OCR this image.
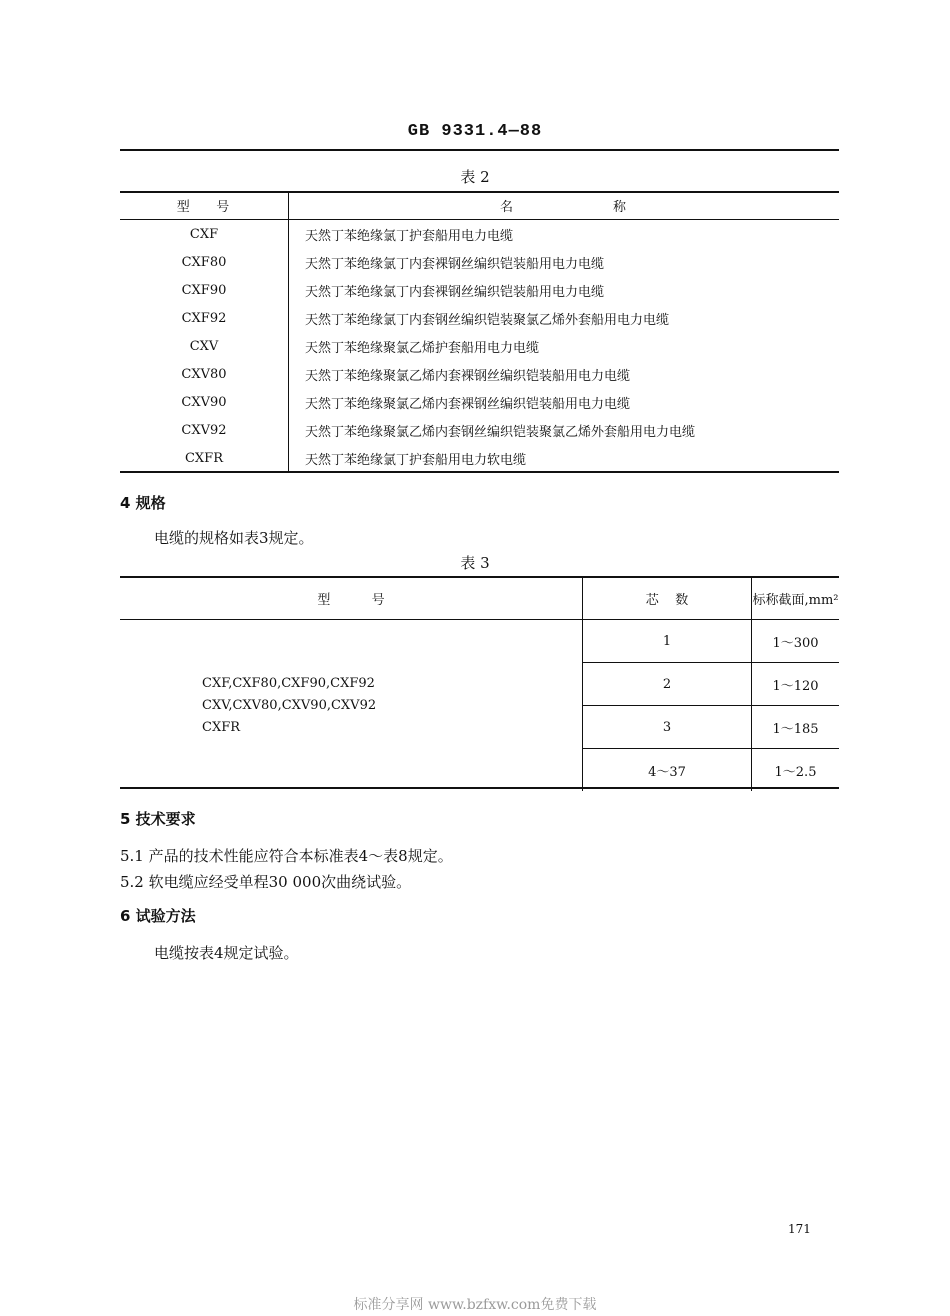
GB 9331.4—88
表 2
型    号	名                称
CXF	天然丁苯绝缘氯丁护套船用电力电缆
CXF80	天然丁苯绝缘氯丁内套裸钢丝编织铠装船用电力电缆
CXF90	天然丁苯绝缘氯丁内套裸钢丝编织铠装船用电力电缆
CXF92	天然丁苯绝缘氯丁内套钢丝编织铠装聚氯乙烯外套船用电力电缆
CXV	天然丁苯绝缘聚氯乙烯护套船用电力电缆
CXV80	天然丁苯绝缘聚氯乙烯内套裸钢丝编织铠装船用电力电缆
CXV90	天然丁苯绝缘聚氯乙烯内套裸钢丝编织铠装船用电力电缆
CXV92	天然丁苯绝缘聚氯乙烯内套钢丝编织铠装聚氯乙烯外套船用电力电缆
CXFR	天然丁苯绝缘氯丁护套船用电力软电缆
4 规格
电缆的规格如表3规定。
表 3
型          号	芯    数	标称截面,mm²

CXF,CXF80,CXF90,CXF92
CXV,CXV80,CXV90,CXV92
CXFR	1	1～300
	2	1～120
	3	1～185
	4～37	1～2.5
5 技术要求
5.1 产品的技术性能应符合本标准表4～表8规定。
5.2 软电缆应经受单程30 000次曲绕试验。
6 试验方法
电缆按表4规定试验。
171
标准分享网 www.bzfxw.com免费下载
